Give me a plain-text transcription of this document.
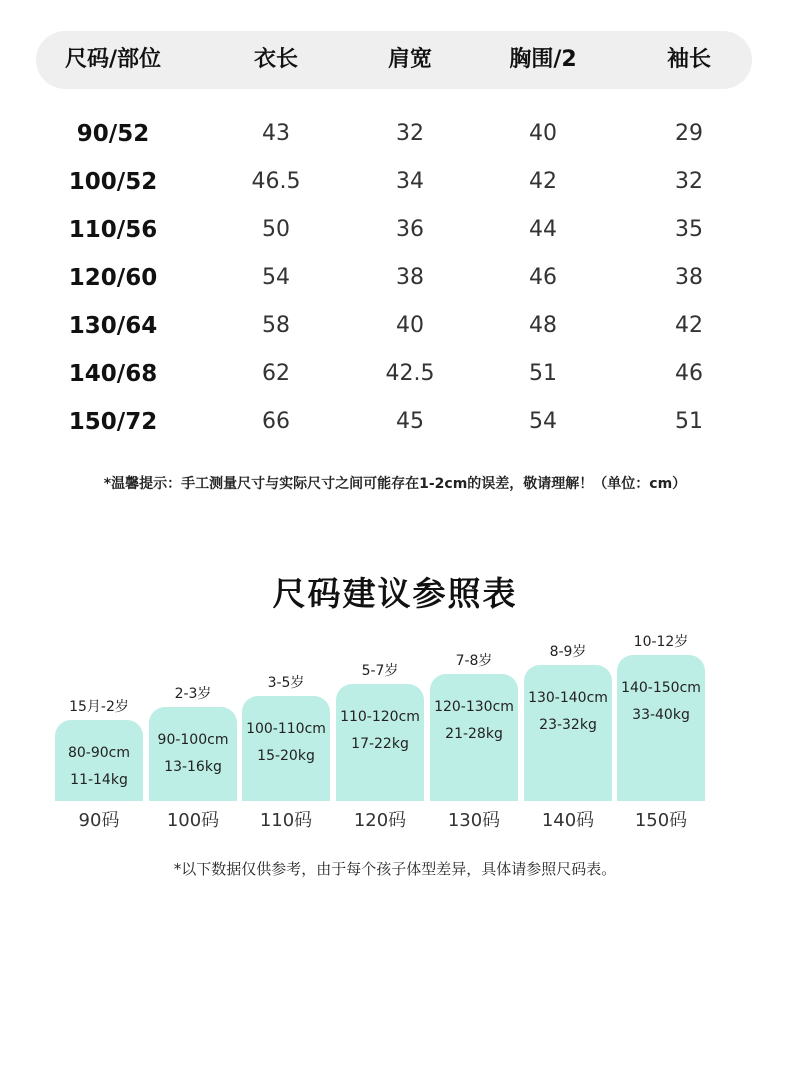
尺码/部位	衣长	肩宽	胸围/2	袖长
90/52	43	32	40	29
100/52	46.5	34	42	32
110/56	50	36	44	35
120/60	54	38	46	38
130/64	58	40	48	42
140/68	62	42.5	51	46
150/72	66	45	54	51
*温馨提示：手工测量尺寸与实际尺寸之间可能存在1-2cm的误差，敬请理解！（单位：cm）
尺码建议参照表
15月-2岁
80-90cm
11-14kg
90码
2-3岁
90-100cm
13-16kg
100码
3-5岁
100-110cm
15-20kg
110码
5-7岁
110-120cm
17-22kg
120码
7-8岁
120-130cm
21-28kg
130码
8-9岁
130-140cm
23-32kg
140码
10-12岁
140-150cm
33-40kg
150码
*以下数据仅供参考，由于每个孩子体型差异，具体请参照尺码表。
